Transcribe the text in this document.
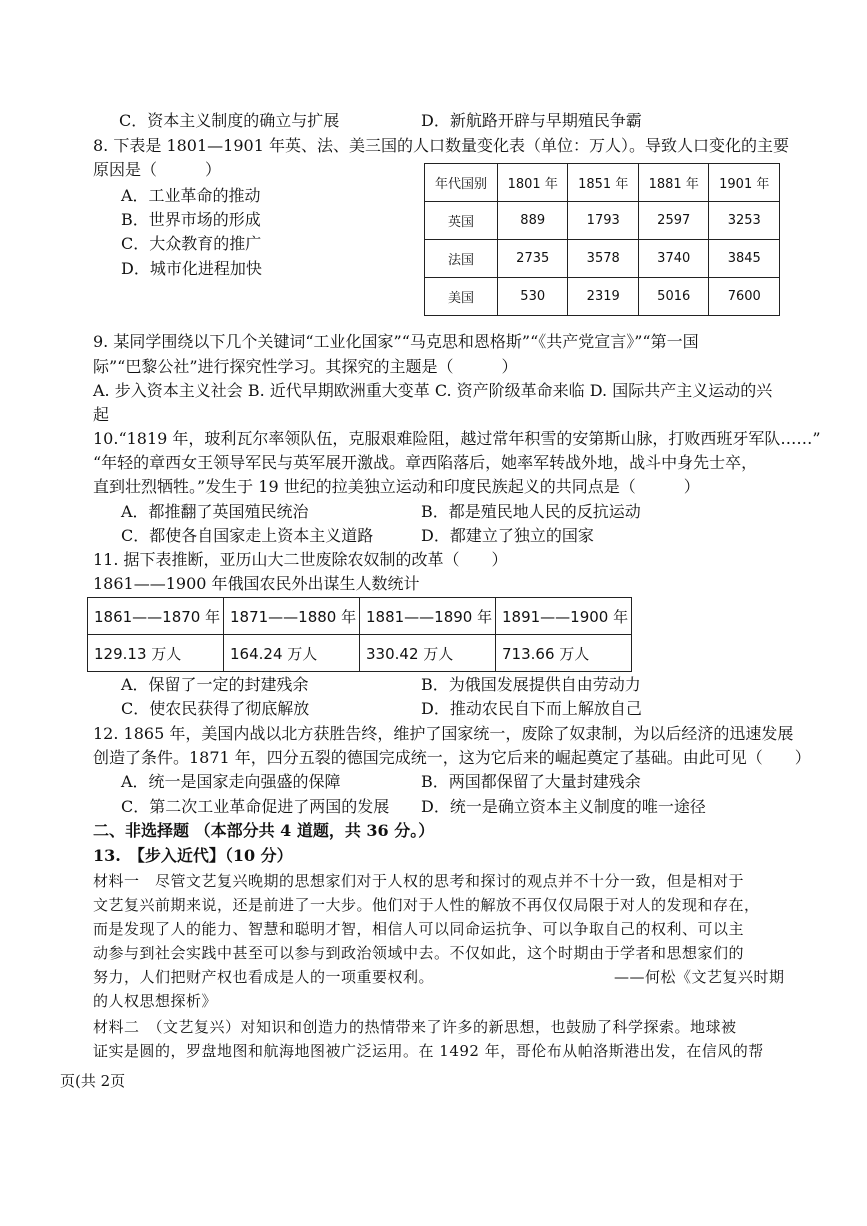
C．资本主义制度的确立与扩展	D．新航路开辟与早期殖民争霸
8. 下表是 1801—1901 年英、法、美三国的人口数量变化表（单位：万人）。导致人口变化的主要
原因是（　　　）
A．工业革命的推动
B．世界市场的形成
C．大众教育的推广
D．城市化进程加快
年代国别	1801 年	1851 年	1881 年	1901 年
英国	889	1793	2597	3253
法国	2735	3578	3740	3845
美国	530	2319	5016	7600
9. 某同学围绕以下几个关键词“工业化国家”“马克思和恩格斯”“《共产党宣言》”“第一国
际”“巴黎公社”进行探究性学习。其探究的主题是（　　　）
A. 步入资本主义社会 B. 近代早期欧洲重大变革 C. 资产阶级革命来临 D. 国际共产主义运动的兴
起
10.“1819 年，玻利瓦尔率领队伍，克服艰难险阻，越过常年积雪的安第斯山脉，打败西班牙军队……”
“年轻的章西女王领导军民与英军展开激战。章西陷落后，她率军转战外地，战斗中身先士卒，
直到壮烈牺牲。”发生于 19 世纪的拉美独立运动和印度民族起义的共同点是（　　　）
A．都推翻了英国殖民统治	B．都是殖民地人民的反抗运动
C．都使各自国家走上资本主义道路	D．都建立了独立的国家
11. 据下表推断，亚历山大二世废除农奴制的改革（　　）
1861——1900 年俄国农民外出谋生人数统计
1861——1870 年	1871——1880 年	1881——1890 年	1891——1900 年
129.13 万人	164.24 万人	330.42 万人	713.66 万人
A．保留了一定的封建残余	B．为俄国发展提供自由劳动力
C．使农民获得了彻底解放	D．推动农民自下而上解放自己
12. 1865 年，美国内战以北方获胜告终，维护了国家统一，废除了奴隶制，为以后经济的迅速发展
创造了条件。1871 年，四分五裂的德国完成统一，这为它后来的崛起奠定了基础。由此可见（　　）
A．统一是国家走向强盛的保障	B．两国都保留了大量封建残余
C．第二次工业革命促进了两国的发展 D．统一是确立资本主义制度的唯一途径
二、非选择题 （本部分共 4 道题，共 36 分。）
13.　【步入近代】（10 分）
材料一　尽管文艺复兴晚期的思想家们对于人权的思考和探讨的观点并不十分一致，但是相对于
文艺复兴前期来说，还是前进了一大步。他们对于人性的解放不再仅仅局限于对人的发现和存在，
而是发现了人的能力、智慧和聪明才智，相信人可以同命运抗争、可以争取自己的权利、可以主
动参与到社会实践中甚至可以参与到政治领域中去。不仅如此，这个时期由于学者和思想家们的
努力，人们把财产权也看成是人的一项重要权利。	——何松《文艺复兴时期
的人权思想探析》
材料二　（文艺复兴）对知识和创造力的热情带来了许多的新思想，也鼓励了科学探索。地球被
证实是圆的，罗盘地图和航海地图被广泛运用。在 1492 年，哥伦布从帕洛斯港出发，在信风的帮
页(共 2页
